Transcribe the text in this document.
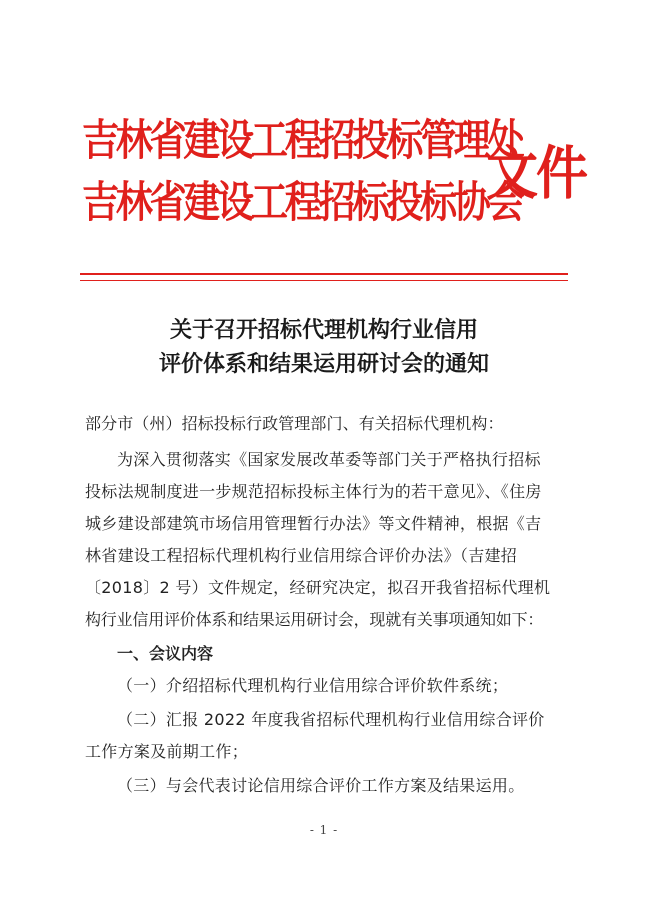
吉林省建设工程招投标管理处
吉林省建设工程招标投标协会
文件
关于召开招标代理机构行业信用
评价体系和结果运用研讨会的通知
部分市（州）招标投标行政管理部门、有关招标代理机构：
为深入贯彻落实《国家发展改革委等部门关于严格执行招标
投标法规制度进一步规范招标投标主体行为的若干意见》、《住房
城乡建设部建筑市场信用管理暂行办法》等文件精神，根据《吉
林省建设工程招标代理机构行业信用综合评价办法》（吉建招
〔2018〕2 号）文件规定，经研究决定，拟召开我省招标代理机
构行业信用评价体系和结果运用研讨会，现就有关事项通知如下：
一、会议内容
（一）介绍招标代理机构行业信用综合评价软件系统；
（二）汇报 2022 年度我省招标代理机构行业信用综合评价
工作方案及前期工作；
（三）与会代表讨论信用综合评价工作方案及结果运用。
- 1 -
